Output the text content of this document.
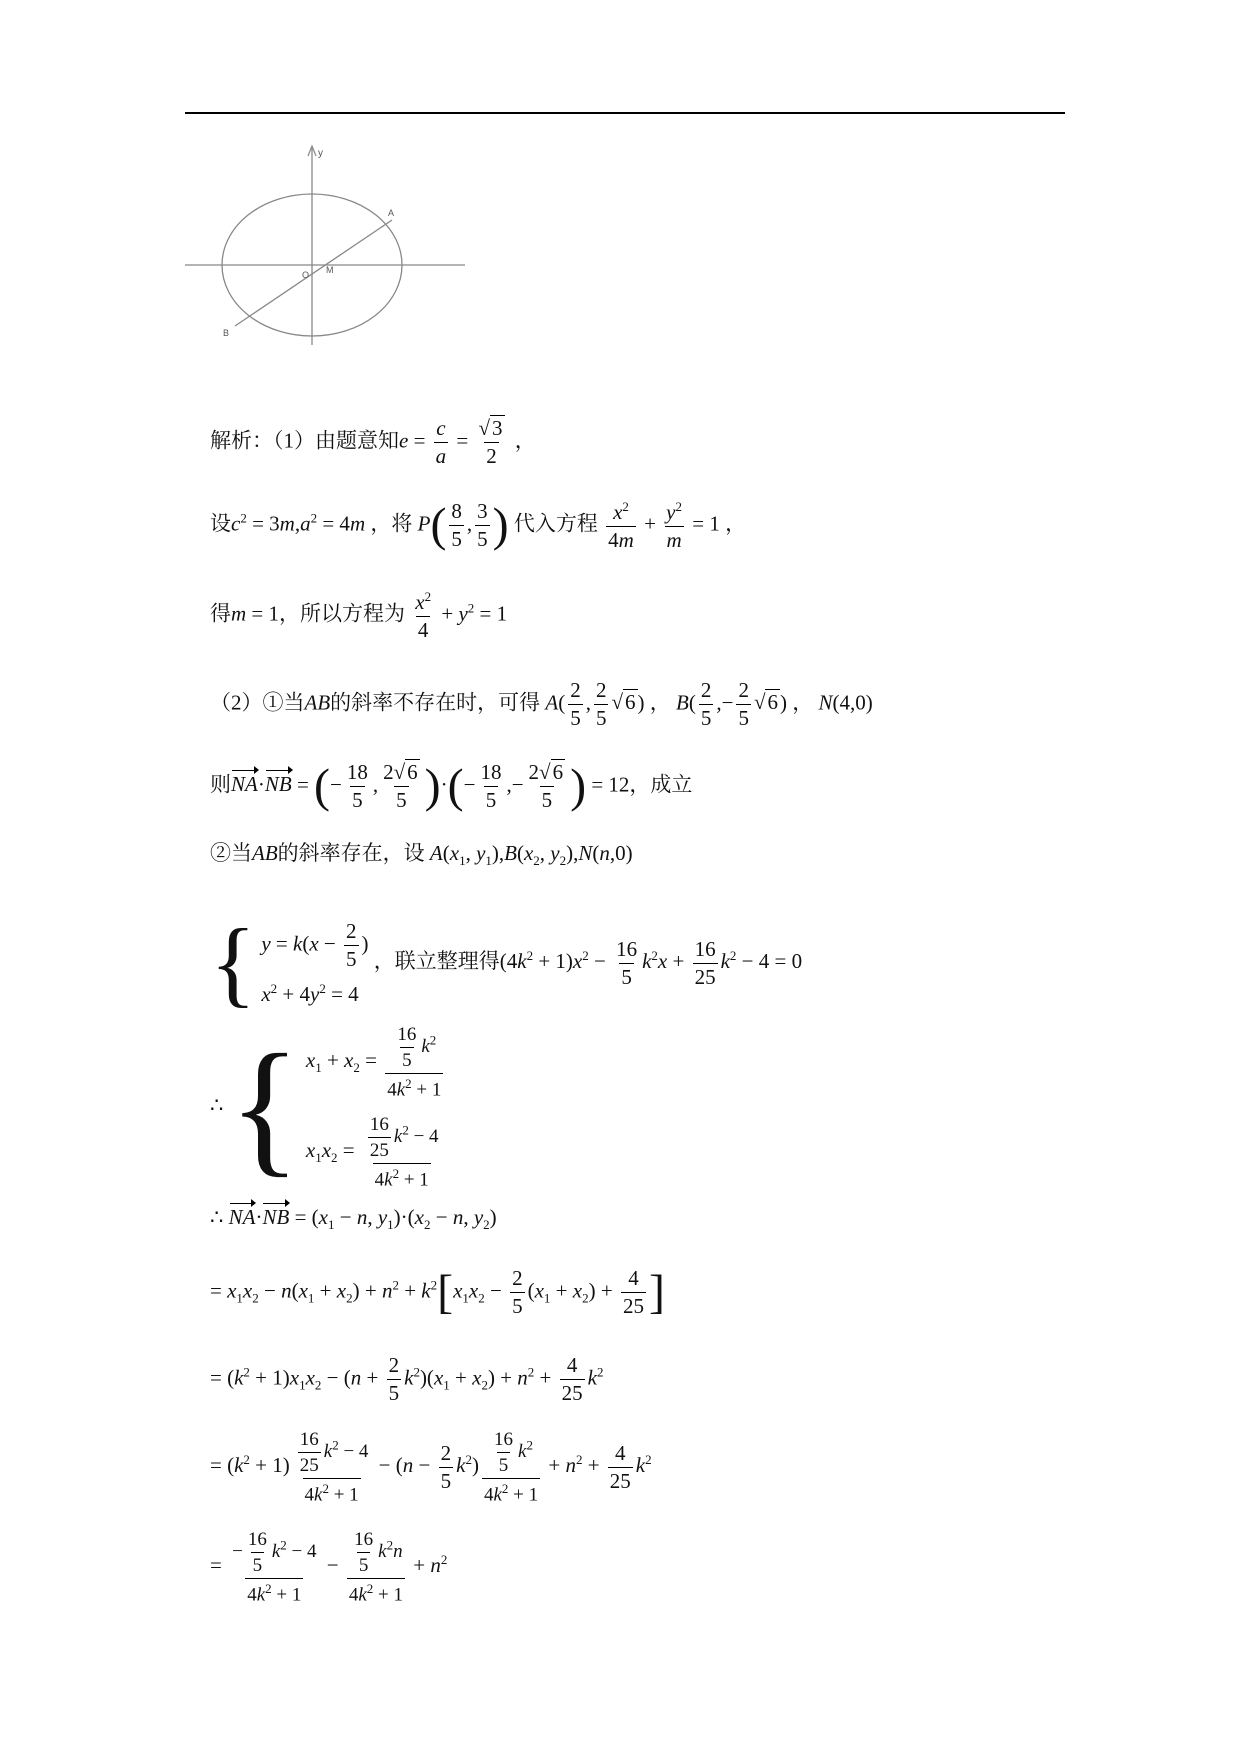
y
O M
A
B
解析：（1）由题意知$e = \frac{c}{a} = \frac{√3}{2}$ ，
设$c^2 = 3m,a^2 = 4m$ ，将 $P( \frac{8}{5}$ , $\frac{3}{5}$ ) 代入方程 $\frac{x^2}{4m} + \frac{y^2}{m} = 1$ ，
得m = 1，所以方程为 $\frac{x^2}{4} + y^2 = 1$
（2）①当AB的斜率不存在时，可得 $A( \frac{2}{5}$ , $\frac{2}{5} √6$) ， $B( \frac{2}{5}$ ,− $\frac{2}{5} √6$) ， N(4,0)
则NA·NB = (− $\frac{18}{5}$ , $\frac{2√6}{5}$ )·(− $\frac{18}{5}$ ,− $\frac{2√6}{5}$ ) = 12，成立
②当AB的斜率存在，设 $A(x_1$, $y_1),B(x_2$, $y_2),N(n,0)$
{ $y = k(x - \frac{2}{5}$ )
$x^2 + 4y^2 = 4$
，联立整理得$(4k^2 + 1)x^2 - \frac{16}{5} k^2x + \frac{16}{25} k^2 - 4 = 0$
∴ { $x_1 + x_2 = \frac{\frac{16}{5} k^2}{4k^2 + 1}$
$x_1x_2 = \frac{\frac{16}{25} k^2 - 4}{4k^2 + 1}$
∴ $NA\cdot NB = (x_1 - n$, $y_1)\cdot(x_2 - n$, $y_2$)
= $x_1x_2 - n(x_1 + x_2) + n^2 + k^2[x_1x_2 - \frac{2}{5} (x_1 + x_2) + \frac{4}{25}$ ]
= $(k^2 + 1)x_1x_2 - (n + \frac{2}{5} k^2)(x_1 + x_2) + n^2 + \frac{4}{25} k^2$
= $(k^2 + 1) \frac{\frac{16}{25} k^2 - 4}{4k^2 + 1} - (n - \frac{2}{5} k^2) \frac{\frac{16}{5} k^2}{4k^2 + 1} + n^2 + \frac{4}{25} k^2$
= $\frac{- \frac{16}{5} k^2 - 4}{4k^2 + 1} - \frac{\frac{16}{5} k^2n}{4k^2 + 1} + n^2$
